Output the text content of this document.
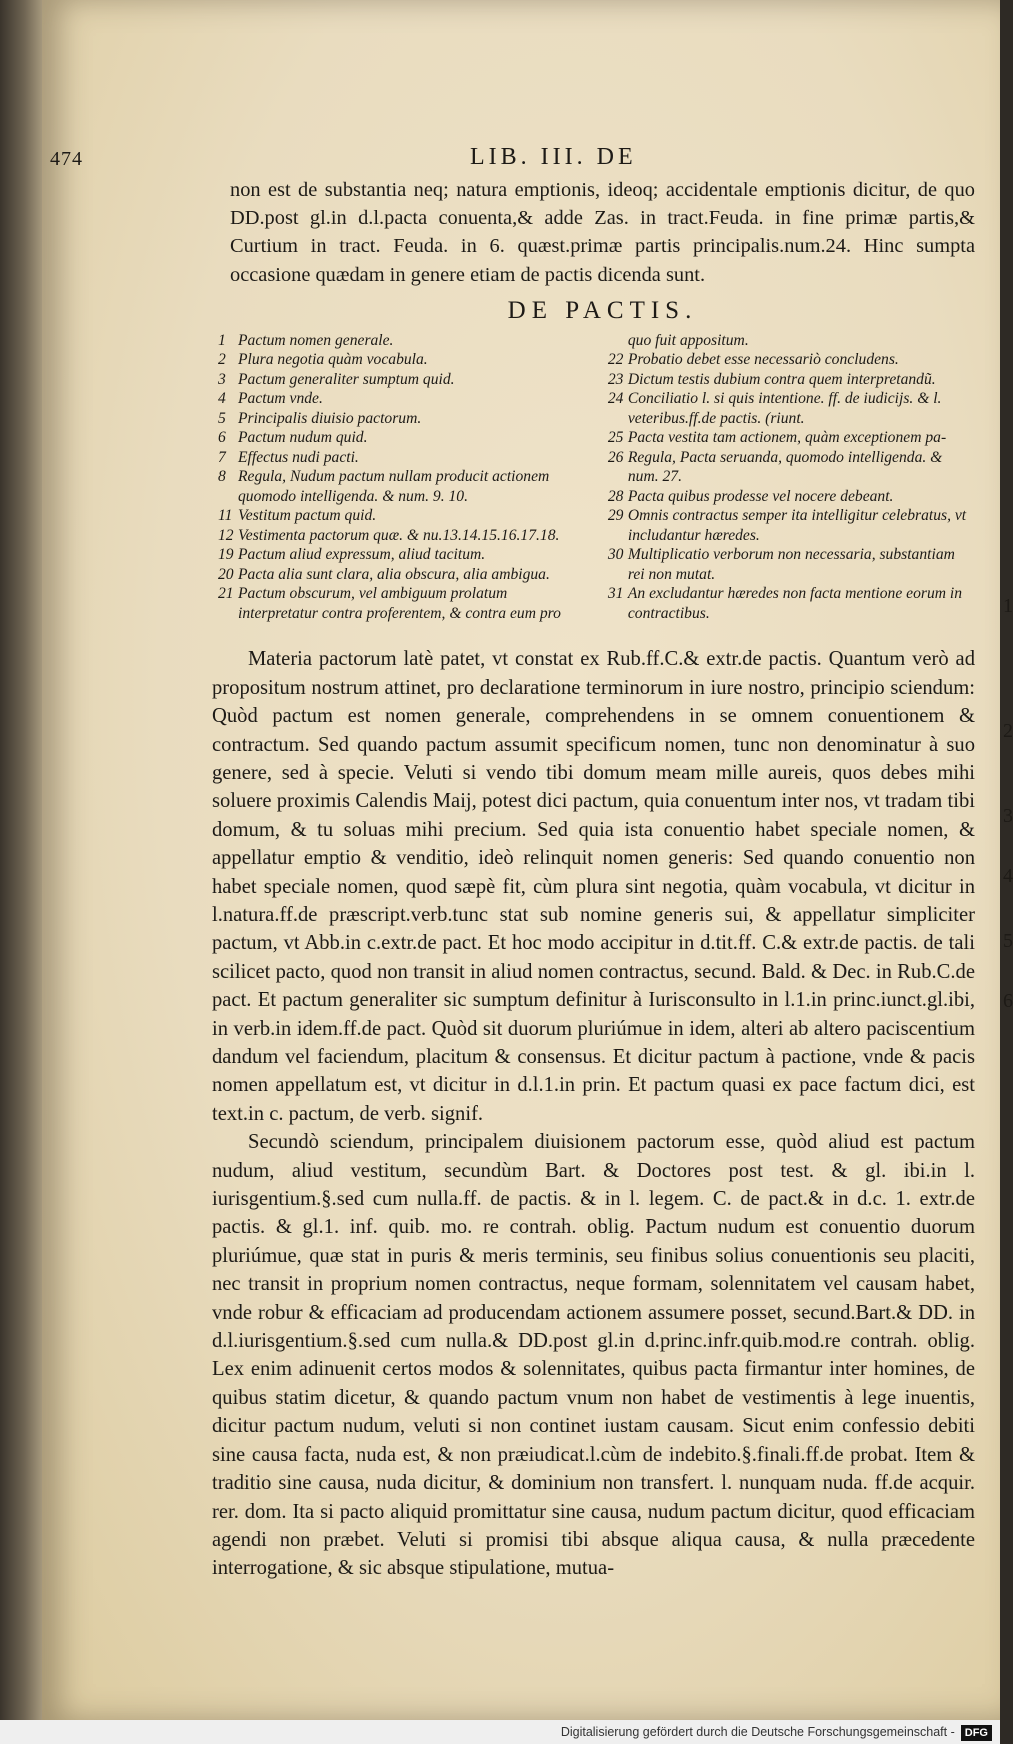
474	LIB. III. DE

non est de substantia neq; natura emptionis, ideoq; accidentale emptionis dicitur, de quo DD.post gl.in d.l.pacta conuenta,& adde Zas. in tract.Feuda. in fine primæ partis,& Curtium in tract. Feuda. in 6. quæst.primæ partis principalis.num.24. Hinc sumpta occasione quædam in genere etiam de pactis dicenda sunt.

DE PACTIS.
1 Pactum nomen generale.
2 Plura negotia quàm vocabula.
3 Pactum generaliter sumptum quid.
4 Pactum vnde.
5 Principalis diuisio pactorum.
6 Pactum nudum quid.
7 Effectus nudi pacti.
8 Regula, Nudum pactum nullam producit actionem quomodo intelligenda. & num. 9. 10.
11 Vestitum pactum quid.
12 Vestimenta pactorum quæ. & nu.13.14.15.16.17.18.
19 Pactum aliud expressum, aliud tacitum.
20 Pacta alia sunt clara, alia obscura, alia ambigua.
21 Pactum obscurum, vel ambiguum prolatum interpretatur contra proferentem, & contra eum pro
quo fuit appositum.
22 Probatio debet esse necessariò concludens.
23 Dictum testis dubium contra quem interpretandũ.
24 Conciliatio l. si quis intentione. ff. de iudicijs. & l. veteribus.ff.de pactis. (riunt.
25 Pacta vestita tam actionem, quàm exceptionem pa-
26 Regula, Pacta seruanda, quomodo intelligenda. & num. 27.
28 Pacta quibus prodesse vel nocere debeant.
29 Omnis contractus semper ita intelligitur celebratus, vt includantur hæredes.
30 Multiplicatio verborum non necessaria, substantiam rei non mutat.
31 An excludantur hæredes non facta mentione eorum in contractibus.

Materia pactorum latè patet, vt constat ex Rub.ff.C.& extr.de pactis. Quantum verò ad propositum nostrum attinet, pro declaratione terminorum in iure nostro, principio sciendum: Quòd pactum est nomen generale, comprehendens in se omnem conuentionem & contractum. Sed quando pactum assumit specificum nomen, tunc non denominatur à suo genere, sed à specie. Veluti si vendo tibi domum meam mille aureis, quos debes mihi soluere proximis Calendis Maij, potest dici pactum, quia conuentum inter nos, vt tradam tibi domum, & tu soluas mihi precium. Sed quia ista conuentio habet speciale nomen, & appellatur emptio & venditio, ideò relinquit nomen generis: Sed quando conuentio non habet speciale nomen, quod sæpè fit, cùm plura sint negotia, quàm vocabula, vt dicitur in l.natura.ff.de præscript.verb.tunc stat sub nomine generis sui, & appellatur simpliciter pactum, vt Abb.in c.extr.de pact. Et hoc modo accipitur in d.tit.ff. C.& extr.de pactis. de tali scilicet pacto, quod non transit in aliud nomen contractus, secund. Bald. & Dec. in Rub.C.de pact. Et pactum generaliter sic sumptum definitur à Iurisconsulto in l.1.in princ.iunct.gl.ibi, in verb.in idem.ff.de pact. Quòd sit duorum pluriúmue in idem, alteri ab altero paciscentium dandum vel faciendum, placitum & consensus. Et dicitur pactum à pactione, vnde & pacis nomen appellatum est, vt dicitur in d.l.1.in prin. Et pactum quasi ex pace factum dici, est text.in c. pactum, de verb. signif.

Secundò sciendum, principalem diuisionem pactorum esse, quòd aliud est pactum nudum, aliud vestitum, secundùm Bart. & Doctores post test. & gl. ibi.in l. iurisgentium.§.sed cum nulla.ff. de pactis. & in l. legem. C. de pact.& in d.c. 1. extr.de pactis. & gl.1. inf. quib. mo. re contrah. oblig. Pactum nudum est conuentio duorum pluriúmue, quæ stat in puris & meris terminis, seu finibus solius conuentionis seu placiti, nec transit in proprium nomen contractus, neque formam, solennitatem vel causam habet, vnde robur & efficaciam ad producendam actionem assumere posset, secund.Bart.& DD. in d.l.iurisgentium.§.sed cum nulla.& DD.post gl.in d.princ.infr.quib.mod.re contrah. oblig. Lex enim adinuenit certos modos & solennitates, quibus pacta firmantur inter homines, de quibus statim dicetur, & quando pactum vnum non habet de vestimentis à lege inuentis, dicitur pactum nudum, veluti si non continet iustam causam. Sicut enim confessio debiti sine causa facta, nuda est, & non præiudicat.l.cùm de indebito.§.finali.ff.de probat. Item & traditio sine causa, nuda dicitur, & dominium non transfert. l. nunquam nuda. ff.de acquir. rer. dom. Ita si pacto aliquid promittatur sine causa, nudum pactum dicitur, quod efficaciam agendi non præbet. Veluti si promisi tibi absque aliqua causa, & nulla præcedente interrogatione, & sic absque stipulatione, mutua-

1
2
3
4
5
6
Digitalisierung gefördert durch die Deutsche Forschungsgemeinschaft - DFG
